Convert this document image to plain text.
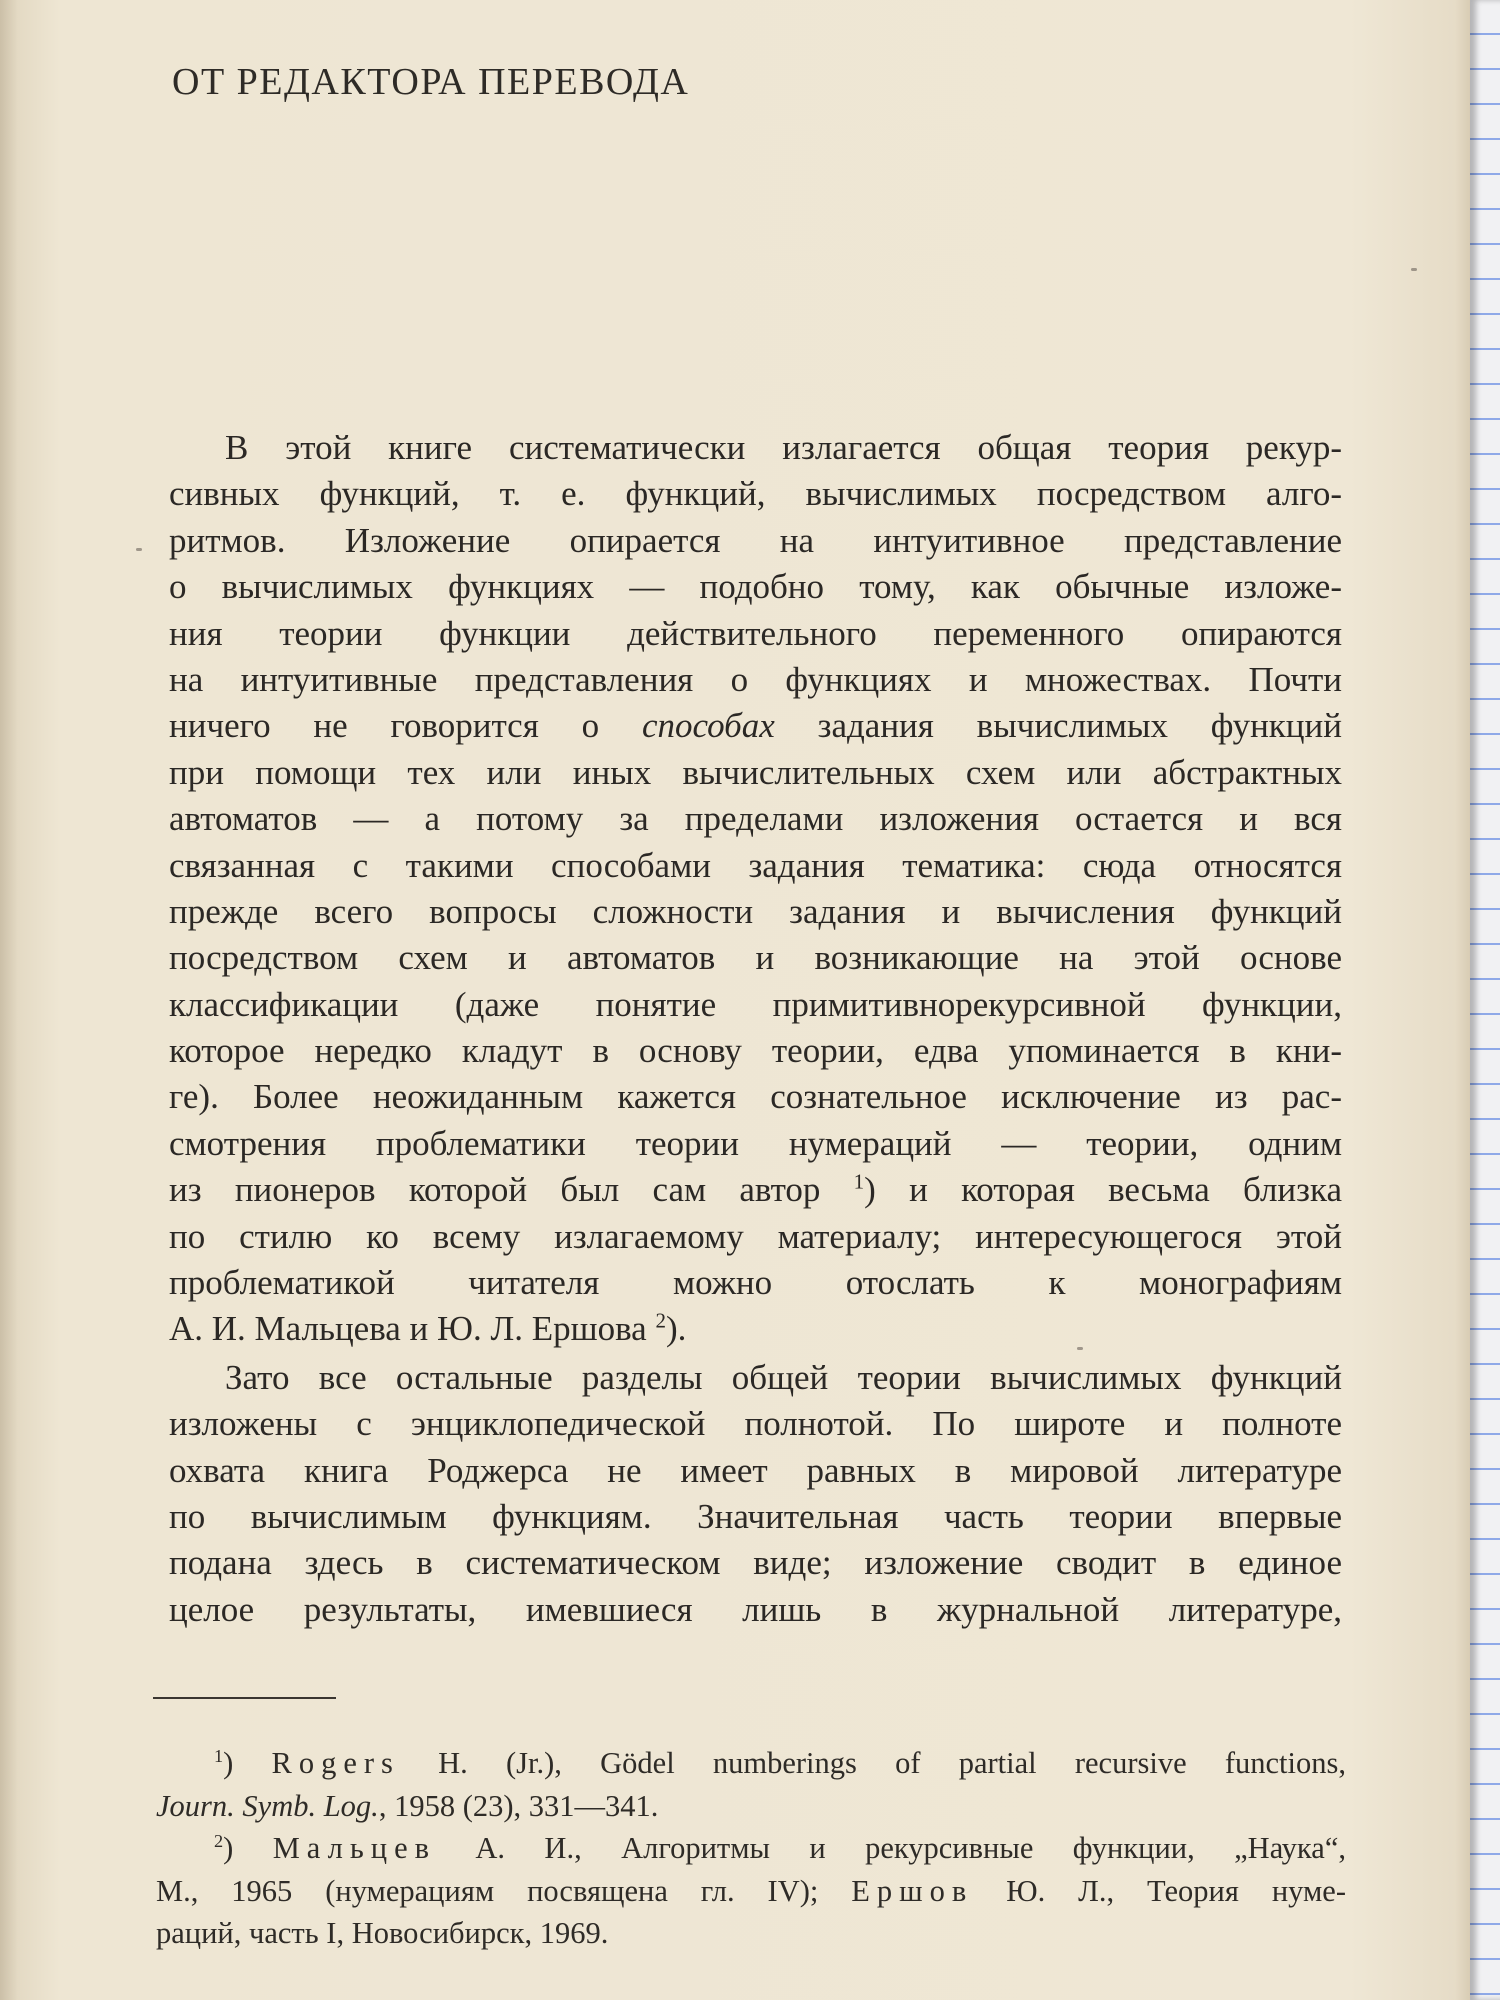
ОТ РЕДАКТОРА ПЕРЕВОДА
В этой книге систематически излагается общая теория рекур-
сивных функций, т. е. функций, вычислимых посредством алго-
ритмов. Изложение опирается на интуитивное представление
о вычислимых функциях — подобно тому, как обычные изложе-
ния теории функции действительного переменного опираются
на интуитивные представления о функциях и множествах. Почти
ничего не говорится о способах задания вычислимых функций
при помощи тех или иных вычислительных схем или абстрактных
автоматов — а потому за пределами изложения остается и вся
связанная с такими способами задания тематика: сюда относятся
прежде всего вопросы сложности задания и вычисления функций
посредством схем и автоматов и возникающие на этой основе
классификации (даже понятие примитивнорекурсивной функции,
которое нередко кладут в основу теории, едва упоминается в кни-
ге). Более неожиданным кажется сознательное исключение из рас-
смотрения проблематики теории нумераций — теории, одним
из пионеров которой был сам автор $^1$) и которая весьма близка
по стилю ко всему излагаемому материалу; интересующегося этой
проблематикой читателя можно отослать к монографиям
А. И. Мальцева и Ю. Л. Ершова $^2$).
Зато все остальные разделы общей теории вычислимых функций
изложены с энциклопедической полнотой. По широте и полноте
охвата книга Роджерса не имеет равных в мировой литературе
по вычислимым функциям. Значительная часть теории впервые
подана здесь в систематическом виде; изложение сводит в единое
целое результаты, имевшиеся лишь в журнальной литературе,
$^1$) Rogers H. (Jr.), Gödel numberings of partial recursive functions,
Journ. Symb. Log., 1958 (23), 331—341.
$^2$) Мальцев А. И., Алгоритмы и рекурсивные функции, „Наука“,
М., 1965 (нумерациям посвящена гл. IV); Ершов Ю. Л., Теория нуме-
раций, часть I, Новосибирск, 1969.
